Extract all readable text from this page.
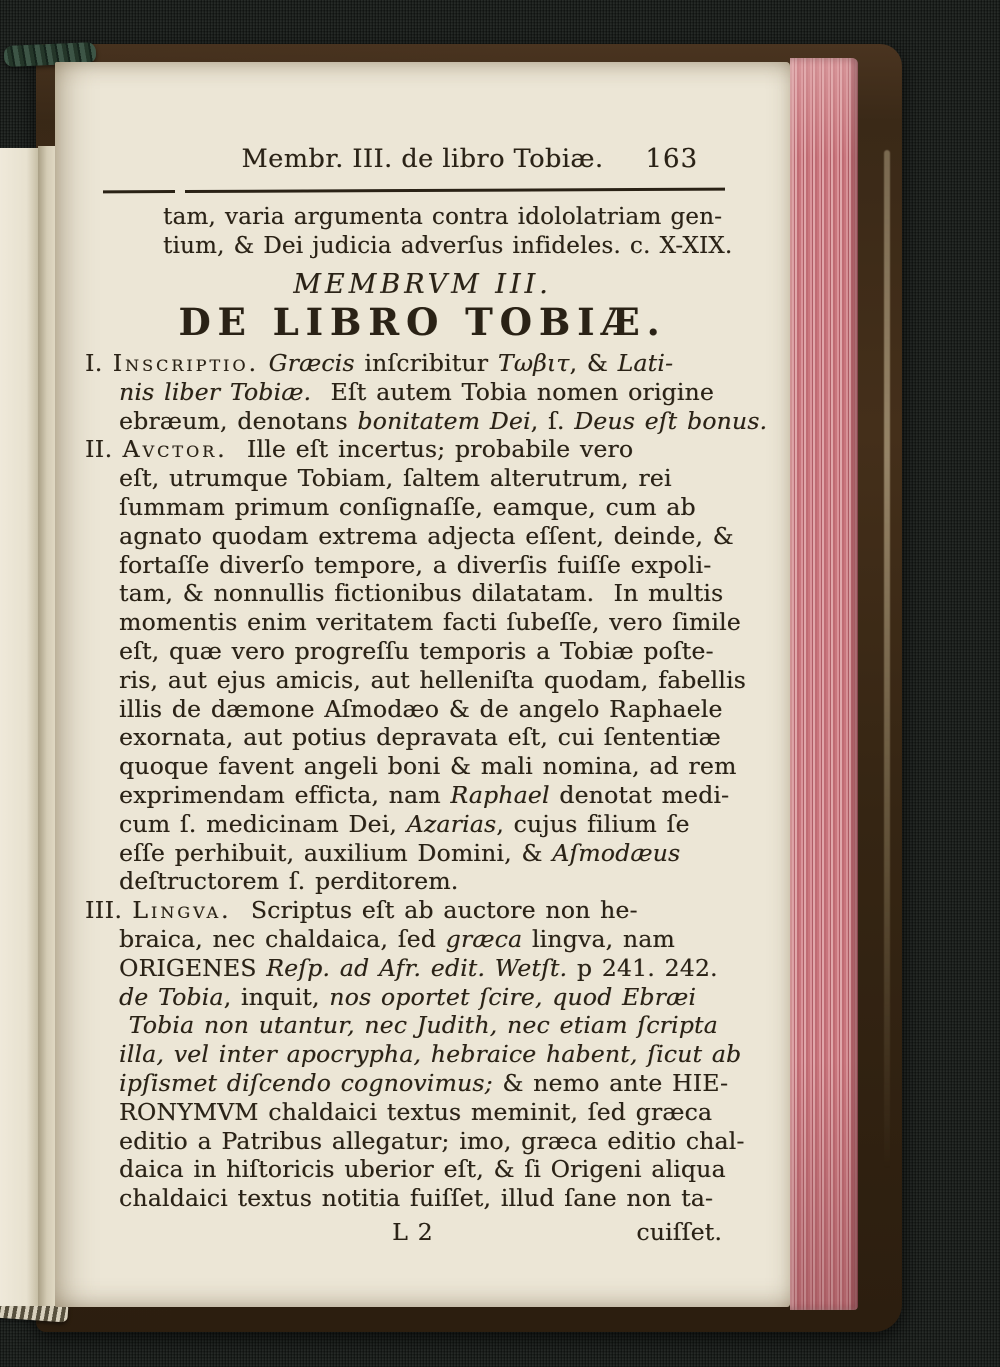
Membr. III. de libro Tobiæ. 163
tam, varia argumenta contra idololatriam gen-
tium, & Dei judicia adverſus infideles. c. X-XIX.
MEMBRVM III.
DE LIBRO TOBIÆ.
I. Inscriptio. Græcis inſcribitur Τωβιτ, & Lati-
nis liber Tobiæ.  Eſt autem Tobia nomen origine
ebræum, denotans bonitatem Dei, ſ. Deus eſt bonus.
II. Avctor.  Ille eſt incertus; probabile vero
eſt, utrumque Tobiam, ſaltem alterutrum, rei
ſummam primum conſignaſſe, eamque, cum ab
agnato quodam extrema adjecta eſſent, deinde, &
fortaſſe diverſo tempore, a diverſis fuiſſe expoli-
tam, & nonnullis fictionibus dilatatam.  In multis
momentis enim veritatem facti ſubeſſe, vero ſimile
eſt, quæ vero progreſſu temporis a Tobiæ poſte-
ris, aut ejus amicis, aut helleniſta quodam, fabellis
illis de dæmone Aſmodæo & de angelo Raphaele
exornata, aut potius depravata eſt, cui ſententiæ
quoque favent angeli boni & mali nomina, ad rem
exprimendam efficta, nam Raphael denotat medi-
cum ſ. medicinam Dei, Azarias, cujus filium ſe
eſſe perhibuit, auxilium Domini, & Aſmodæus
deſtructorem ſ. perditorem.
III. Lingva.  Scriptus eſt ab auctore non he-
braica, nec chaldaica, ſed græca lingva, nam
ORIGENES Reſp. ad Afr. edit. Wetſt. p 241. 242.
de Tobia, inquit, nos oportet ſcire, quod Ebræi
Tobia non utantur, nec Judith, nec etiam ſcripta
illa, vel inter apocrypha, hebraice habent, ſicut ab
ipſismet diſcendo cognovimus; & nemo ante HIE-
RONYMVM chaldaici textus meminit, ſed græca
editio a Patribus allegatur; imo, græca editio chal-
daica in hiſtoricis uberior eſt, & ſi Origeni aliqua
chaldaici textus notitia fuiſſet, illud ſane non ta-
L 2	cuiſſet.
